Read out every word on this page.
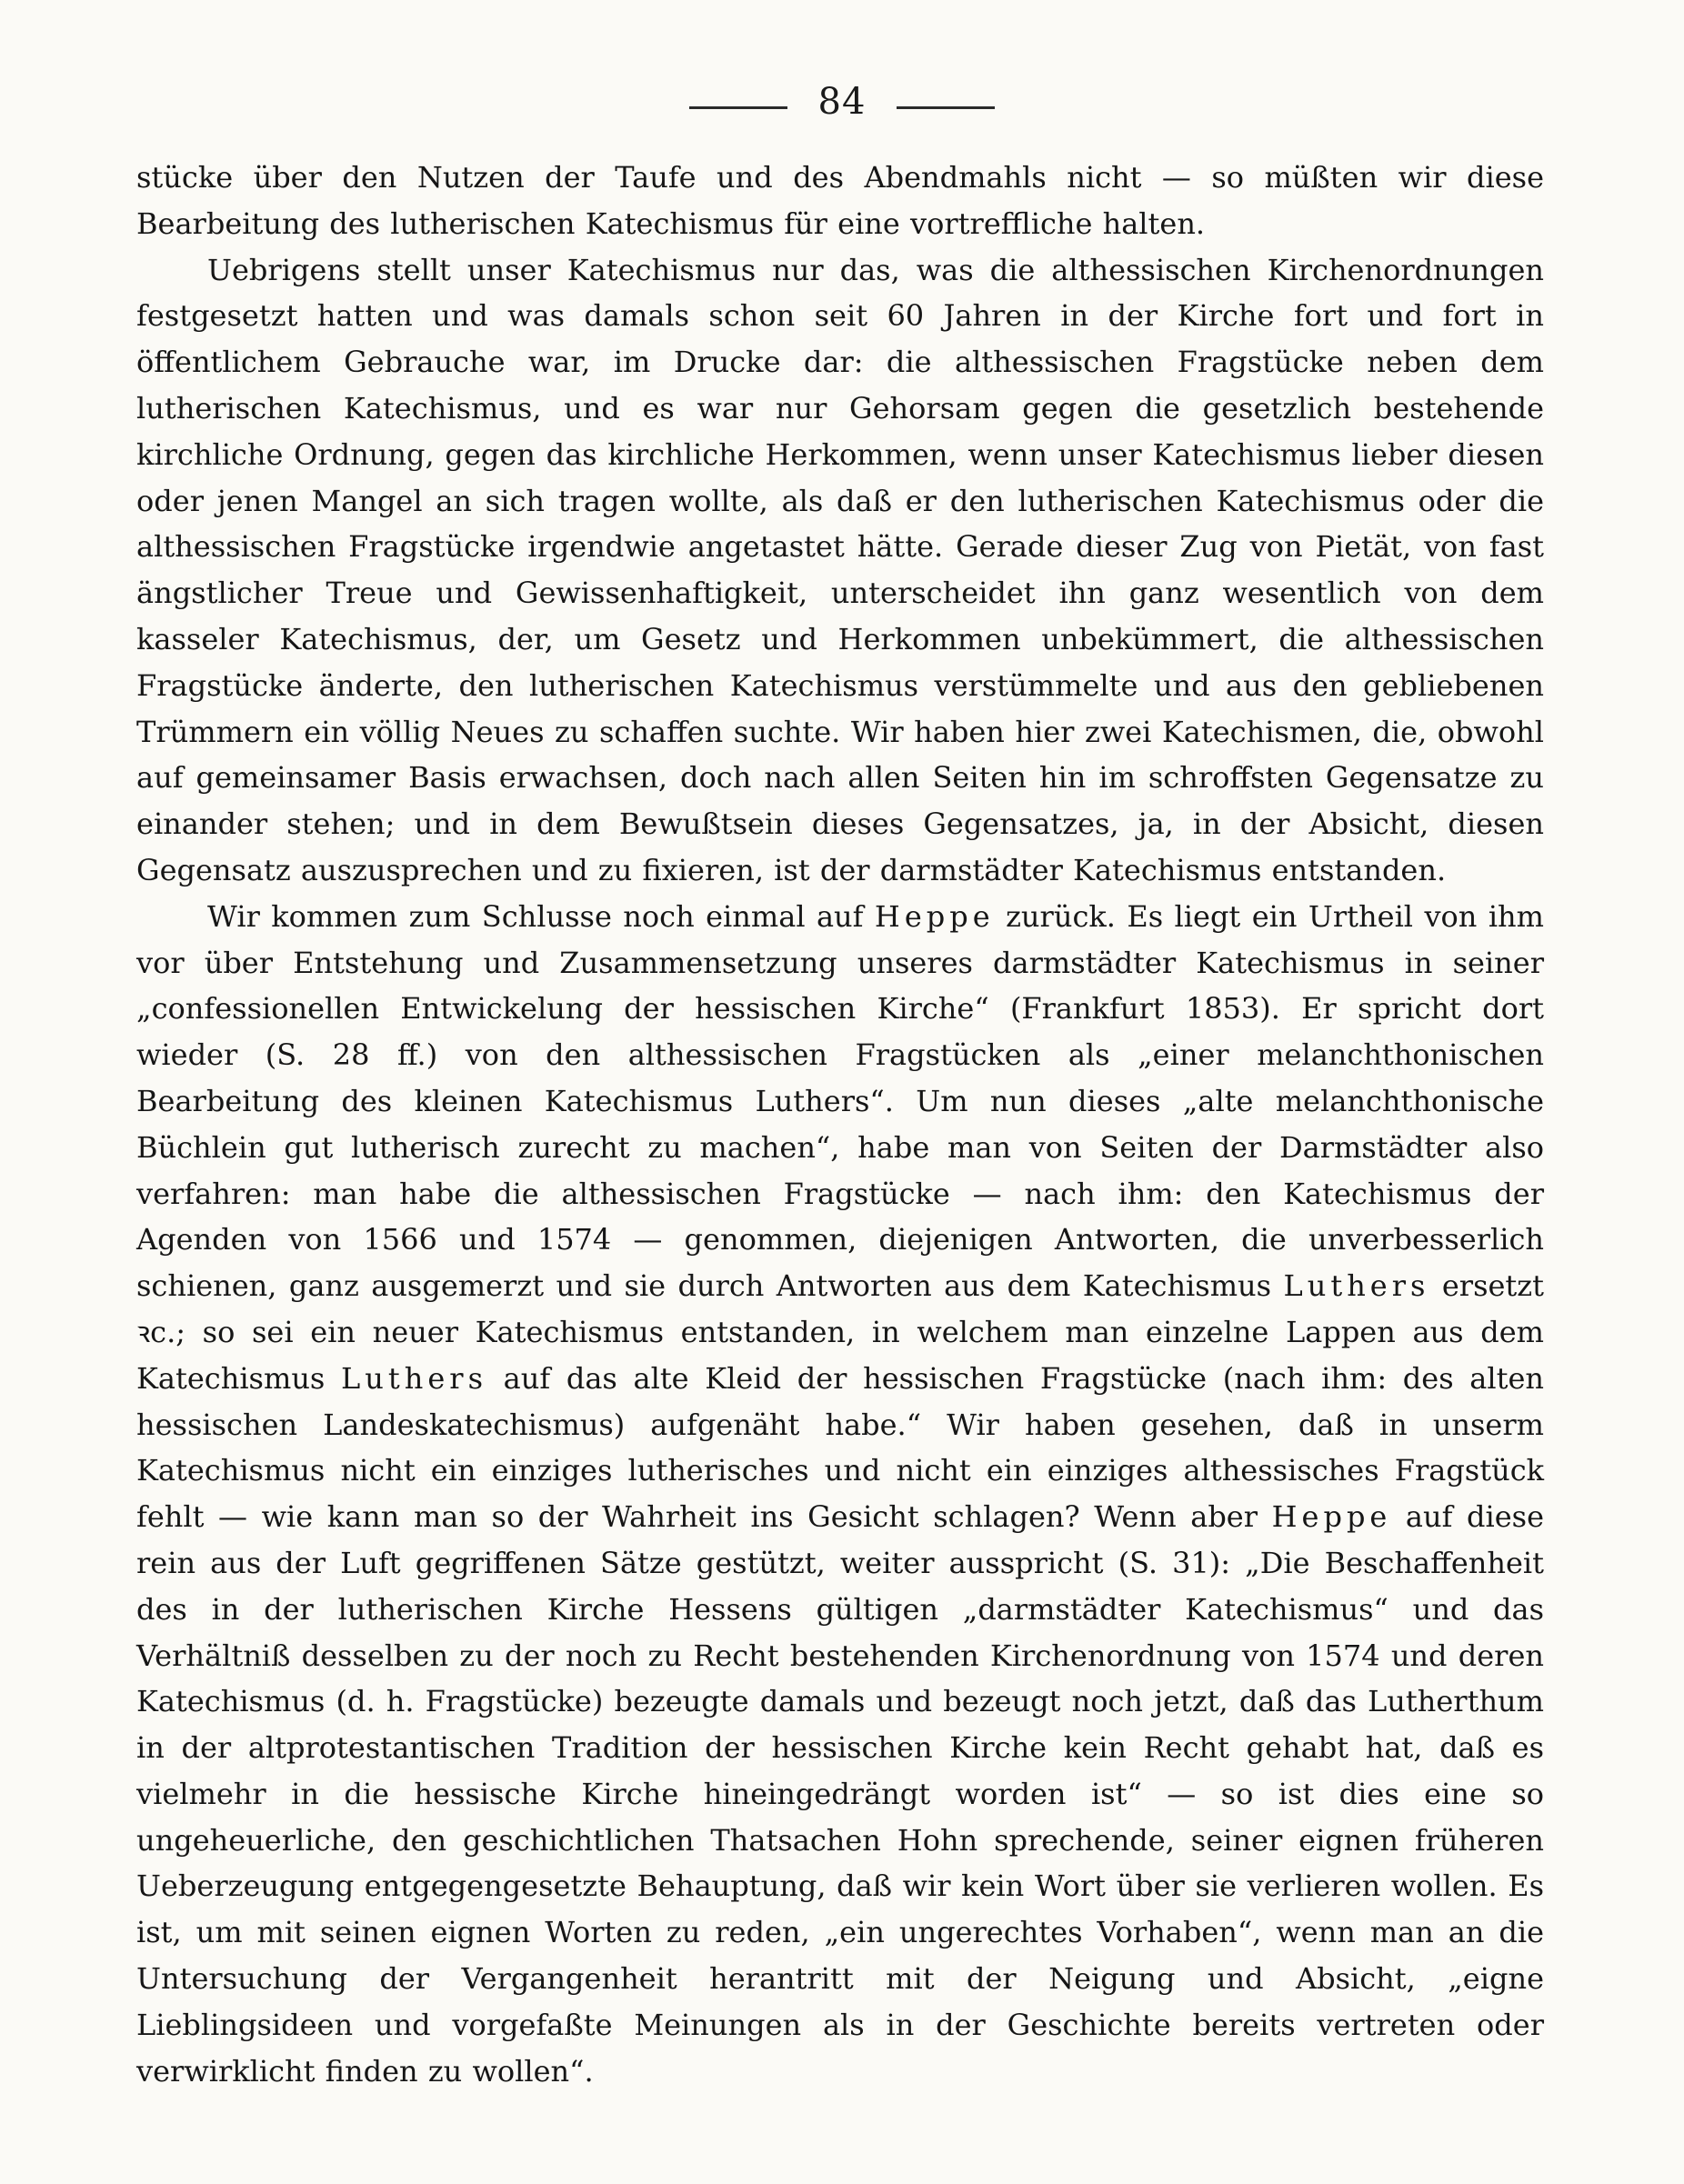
84

stücke über den Nutzen der Taufe und des Abendmahls nicht — so müßten wir diese Bearbeitung des lutherischen Katechismus für eine vortreffliche halten.

Uebrigens stellt unser Katechismus nur das, was die althessischen Kirchenordnungen festgesetzt hatten und was damals schon seit 60 Jahren in der Kirche fort und fort in öffentlichem Gebrauche war, im Drucke dar: die althessischen Fragstücke neben dem lutherischen Katechismus, und es war nur Gehorsam gegen die gesetzlich bestehende kirchliche Ordnung, gegen das kirchliche Herkommen, wenn unser Katechismus lieber diesen oder jenen Mangel an sich tragen wollte, als daß er den lutherischen Katechismus oder die althessischen Fragstücke irgendwie angetastet hätte. Gerade dieser Zug von Pietät, von fast ängstlicher Treue und Gewissenhaftigkeit, unterscheidet ihn ganz wesentlich von dem kasseler Katechismus, der, um Gesetz und Herkommen unbekümmert, die althessischen Fragstücke änderte, den lutherischen Katechismus verstümmelte und aus den gebliebenen Trümmern ein völlig Neues zu schaffen suchte. Wir haben hier zwei Katechismen, die, obwohl auf gemeinsamer Basis erwachsen, doch nach allen Seiten hin im schroffsten Gegensatze zu einander stehen; und in dem Bewußtsein dieses Gegensatzes, ja, in der Absicht, diesen Gegensatz auszusprechen und zu fixieren, ist der darmstädter Katechismus entstanden.

Wir kommen zum Schlusse noch einmal auf Heppe zurück. Es liegt ein Urtheil von ihm vor über Entstehung und Zusammensetzung unseres darmstädter Katechismus in seiner „confessionellen Entwickelung der hessischen Kirche“ (Frankfurt 1853). Er spricht dort wieder (S. 28 ff.) von den althessischen Fragstücken als „einer melanchthonischen Bearbeitung des kleinen Katechismus Luthers“. Um nun dieses „alte melanchthonische Büchlein gut lutherisch zurecht zu machen“, habe man von Seiten der Darmstädter also verfahren: man habe die althessischen Fragstücke — nach ihm: den Katechismus der Agenden von 1566 und 1574 — genommen, diejenigen Antworten, die unverbesserlich schienen, ganz ausgemerzt und sie durch Antworten aus dem Katechismus Luthers ersetzt ꝛc.; so sei ein neuer Katechismus entstanden, in welchem man einzelne Lappen aus dem Katechismus Luthers auf das alte Kleid der hessischen Fragstücke (nach ihm: des alten hessischen Landeskatechismus) aufgenäht habe.“ Wir haben gesehen, daß in unserm Katechismus nicht ein einziges lutherisches und nicht ein einziges althessisches Fragstück fehlt — wie kann man so der Wahrheit ins Gesicht schlagen? Wenn aber Heppe auf diese rein aus der Luft gegriffenen Sätze gestützt, weiter ausspricht (S. 31): „Die Beschaffenheit des in der lutherischen Kirche Hessens gültigen „darmstädter Katechismus“ und das Verhältniß desselben zu der noch zu Recht bestehenden Kirchenordnung von 1574 und deren Katechismus (d. h. Fragstücke) bezeugte damals und bezeugt noch jetzt, daß das Lutherthum in der altprotestantischen Tradition der hessischen Kirche kein Recht gehabt hat, daß es vielmehr in die hessische Kirche hineingedrängt worden ist“ — so ist dies eine so ungeheuerliche, den geschichtlichen Thatsachen Hohn sprechende, seiner eignen früheren Ueberzeugung entgegengesetzte Behauptung, daß wir kein Wort über sie verlieren wollen. Es ist, um mit seinen eignen Worten zu reden, „ein ungerechtes Vorhaben“, wenn man an die Untersuchung der Vergangenheit herantritt mit der Neigung und Absicht, „eigne Lieblingsideen und vorgefaßte Meinungen als in der Geschichte bereits vertreten oder verwirklicht finden zu wollen“.
